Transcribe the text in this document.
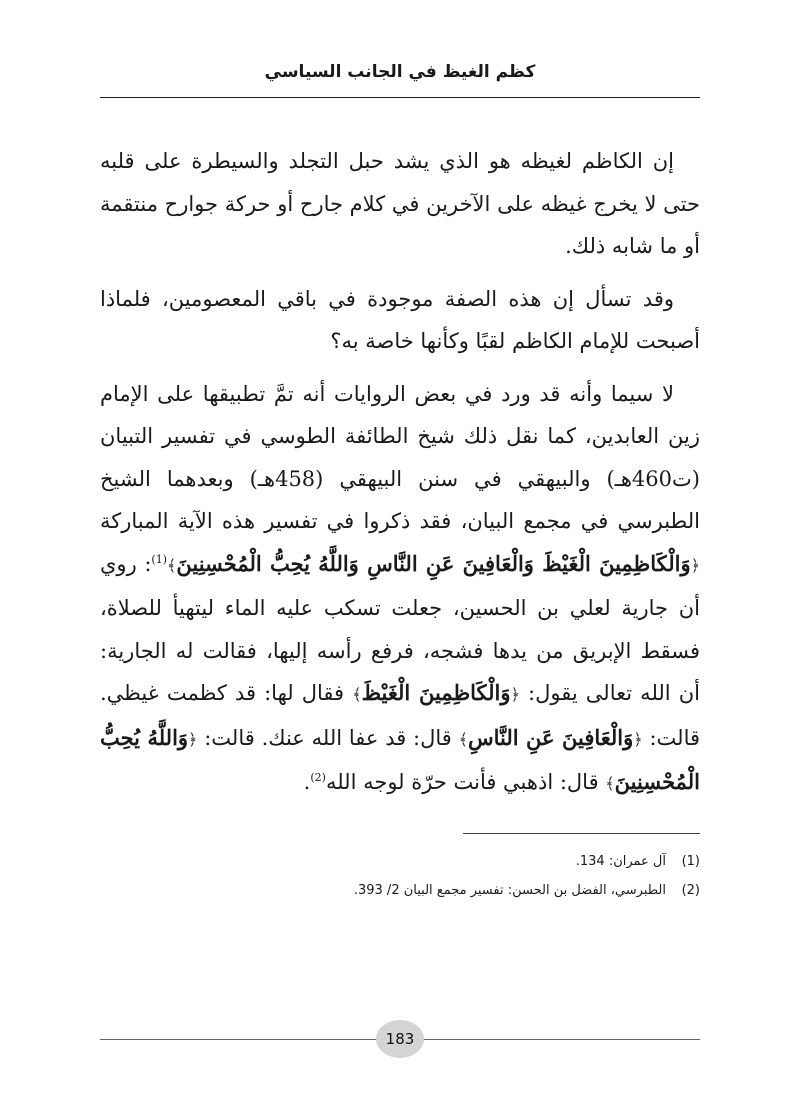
كظم الغيظ في الجانب السياسي

إن الكاظم لغيظه هو الذي يشد حبل التجلد والسيطرة على قلبه حتى لا يخرج غيظه على الآخرين في كلام جارح أو حركة جوارح منتقمة أو ما شابه ذلك.

وقد تسأل إن هذه الصفة موجودة في باقي المعصومين، فلماذا أصبحت للإمام الكاظم لقبًا وكأنها خاصة به؟

لا سيما وأنه قد ورد في بعض الروايات أنه تمَّ تطبيقها على الإمام زين العابدين، كما نقل ذلك شيخ الطائفة الطوسي في تفسير التبيان (ت460هـ) والبيهقي في سنن البيهقي (458هـ) وبعدهما الشيخ الطبرسي في مجمع البيان، فقد ذكروا في تفسير هذه الآية المباركة ﴿وَالْكَاظِمِينَ الْغَيْظَ وَالْعَافِينَ عَنِ النَّاسِ وَاللَّهُ يُحِبُّ الْمُحْسِنِينَ﴾$^{(1)}$: روي أن جارية لعلي بن الحسين، جعلت تسكب عليه الماء ليتهيأ للصلاة، فسقط الإبريق من يدها فشجه، فرفع رأسه إليها، فقالت له الجارية: أن الله تعالى يقول: ﴿وَالْكَاظِمِينَ الْغَيْظَ﴾ فقال لها: قد كظمت غيظي. قالت: ﴿وَالْعَافِينَ عَنِ النَّاسِ﴾ قال: قد عفا الله عنك. قالت: ﴿وَاللَّهُ يُحِبُّ الْمُحْسِنِينَ﴾ قال: اذهبي فأنت حرّة لوجه الله$^{(2)}$.

(1)
آل عمران: 134.
(2)
الطبرسي، الفضل بن الحسن: تفسير مجمع البيان 2/ 393.
183
